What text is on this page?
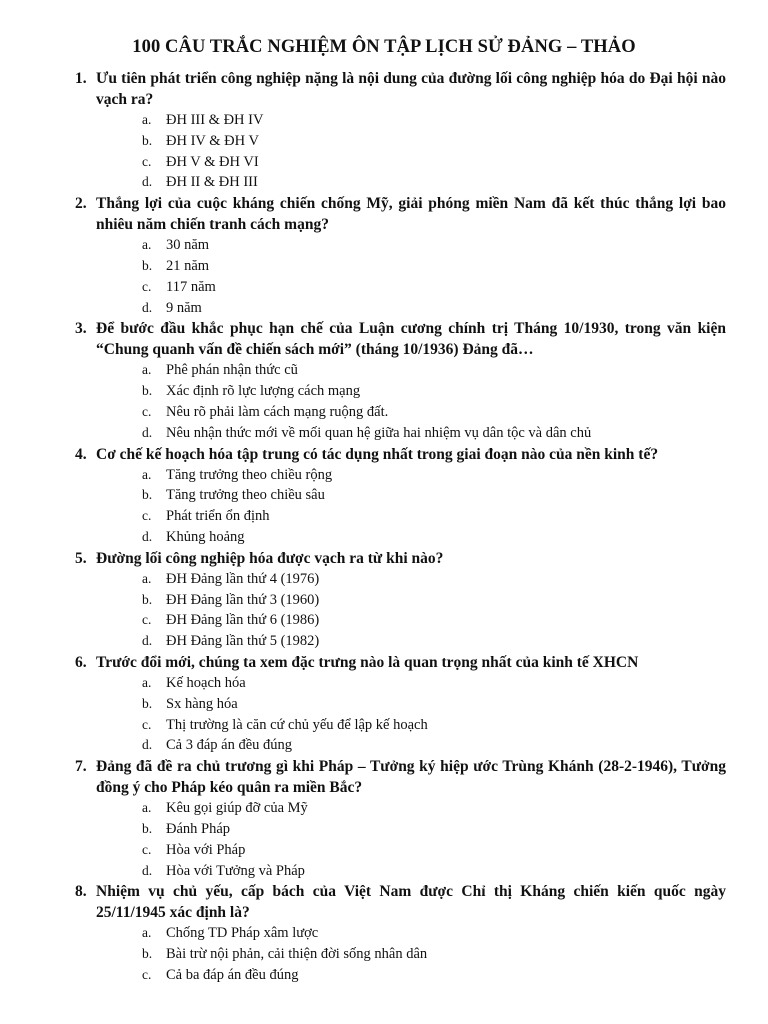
100 CÂU TRẮC NGHIỆM ÔN TẬP LỊCH SỬ ĐẢNG – THẢO
1. Ưu tiên phát triển công nghiệp nặng là nội dung của đường lối công nghiệp hóa do Đại hội nào vạch ra?
a. ĐH III & ĐH IV
b. ĐH IV & ĐH V
c. ĐH V & ĐH VI
d. ĐH II & ĐH III
2. Thắng lợi của cuộc kháng chiến chống Mỹ, giải phóng miền Nam đã kết thúc thắng lợi bao nhiêu năm chiến tranh cách mạng?
a. 30 năm
b. 21 năm
c. 117 năm
d. 9 năm
3. Để bước đầu khắc phục hạn chế của Luận cương chính trị Tháng 10/1930, trong văn kiện “Chung quanh vấn đề chiến sách mới” (tháng 10/1936) Đảng đã…
a. Phê phán nhận thức cũ
b. Xác định rõ lực lượng cách mạng
c. Nêu rõ phải làm cách mạng ruộng đất.
d. Nêu nhận thức mới về mối quan hệ giữa hai nhiệm vụ dân tộc và dân chủ
4. Cơ chế kế hoạch hóa tập trung có tác dụng nhất trong giai đoạn nào của nền kinh tế?
a. Tăng trưởng theo chiều rộng
b. Tăng trưởng theo chiều sâu
c. Phát triển ổn định
d. Khủng hoảng
5. Đường lối công nghiệp hóa được vạch ra từ khi nào?
a. ĐH Đảng lần thứ 4 (1976)
b. ĐH Đảng lần thứ 3 (1960)
c. ĐH Đảng lần thứ 6 (1986)
d. ĐH Đảng lần thứ 5 (1982)
6. Trước đổi mới, chúng ta xem đặc trưng nào là quan trọng nhất của kinh tế XHCN
a. Kế hoạch hóa
b. Sx hàng hóa
c. Thị trường là căn cứ chủ yếu để lập kế hoạch
d. Cả 3 đáp án đều đúng
7. Đảng đã đề ra chủ trương gì khi Pháp – Tưởng ký hiệp ước Trùng Khánh (28-2-1946), Tưởng đồng ý cho Pháp kéo quân ra miền Bắc?
a. Kêu gọi giúp đỡ của Mỹ
b. Đánh Pháp
c. Hòa với Pháp
d. Hòa với Tưởng và Pháp
8. Nhiệm vụ chủ yếu, cấp bách của Việt Nam được Chỉ thị Kháng chiến kiến quốc ngày 25/11/1945 xác định là?
a. Chống TD Pháp xâm lược
b. Bài trừ nội phản, cải thiện đời sống nhân dân
c. Cả ba đáp án đều đúng
